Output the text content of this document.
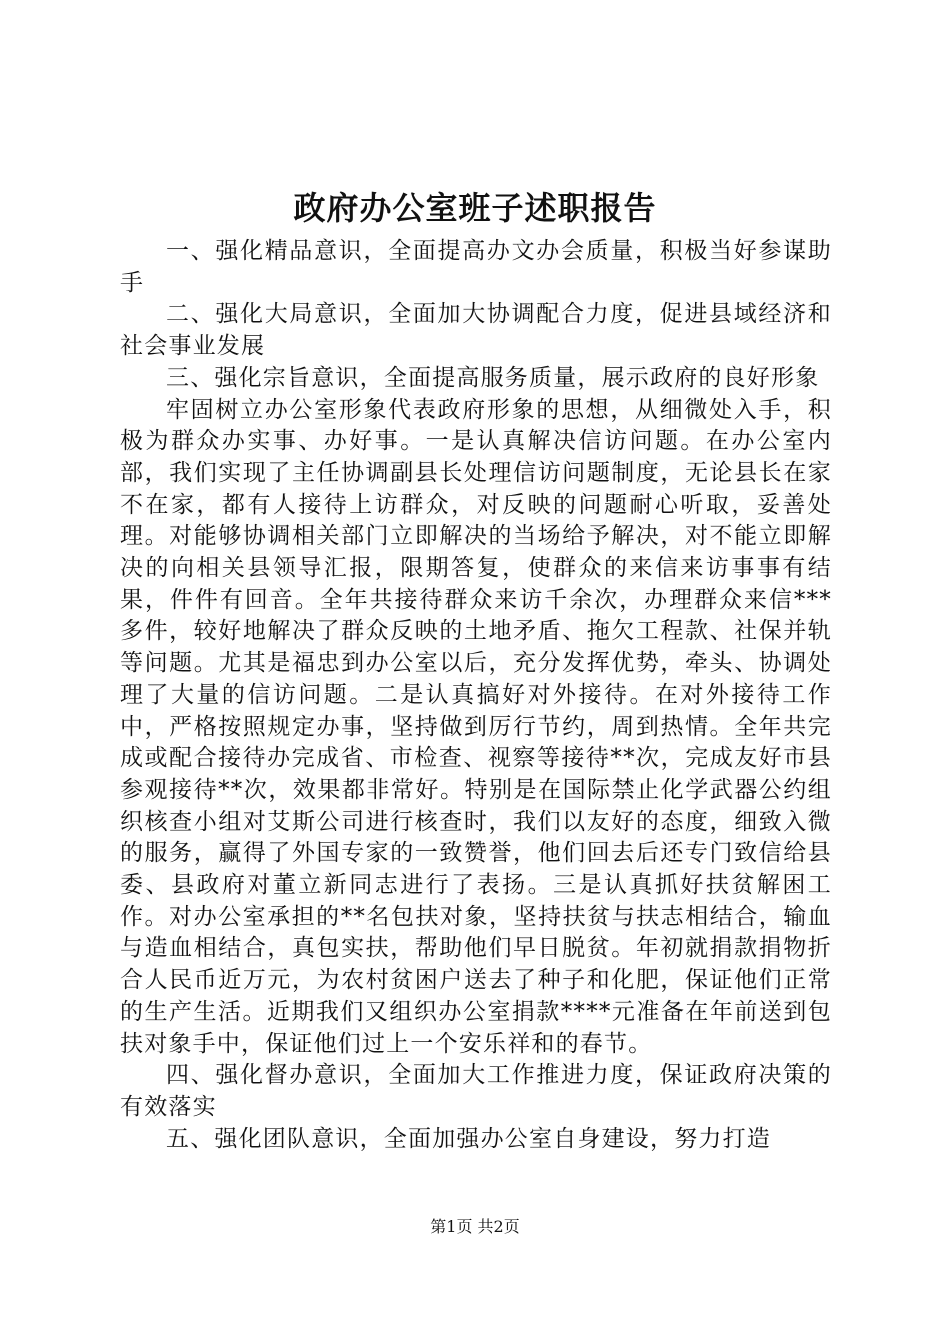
政府办公室班子述职报告

一、强化精品意识，全面提高办文办会质量，积极当好参谋助手

二、强化大局意识，全面加大协调配合力度，促进县域经济和社会事业发展

三、强化宗旨意识，全面提高服务质量，展示政府的良好形象

牢固树立办公室形象代表政府形象的思想，从细微处入手，积极为群众办实事、办好事。一是认真解决信访问题。在办公室内部，我们实现了主任协调副县长处理信访问题制度，无论县长在家不在家，都有人接待上访群众，对反映的问题耐心听取，妥善处理。对能够协调相关部门立即解决的当场给予解决，对不能立即解决的向相关县领导汇报，限期答复，使群众的来信来访事事有结果，件件有回音。全年共接待群众来访千余次，办理群众来信***多件，较好地解决了群众反映的土地矛盾、拖欠工程款、社保并轨等问题。尤其是福忠到办公室以后，充分发挥优势，牵头、协调处理了大量的信访问题。二是认真搞好对外接待。在对外接待工作中，严格按照规定办事，坚持做到厉行节约，周到热情。全年共完成或配合接待办完成省、市检查、视察等接待**次，完成友好市县参观接待**次，效果都非常好。特别是在国际禁止化学武器公约组织核查小组对艾斯公司进行核查时，我们以友好的态度，细致入微的服务，赢得了外国专家的一致赞誉，他们回去后还专门致信给县委、县政府对董立新同志进行了表扬。三是认真抓好扶贫解困工作。对办公室承担的**名包扶对象，坚持扶贫与扶志相结合，输血与造血相结合，真包实扶，帮助他们早日脱贫。年初就捐款捐物折合人民币近万元，为农村贫困户送去了种子和化肥，保证他们正常的生产生活。近期我们又组织办公室捐款****元准备在年前送到包扶对象手中，保证他们过上一个安乐祥和的春节。

四、强化督办意识，全面加大工作推进力度，保证政府决策的有效落实

五、强化团队意识，全面加强办公室自身建设，努力打造

第1页 共2页
